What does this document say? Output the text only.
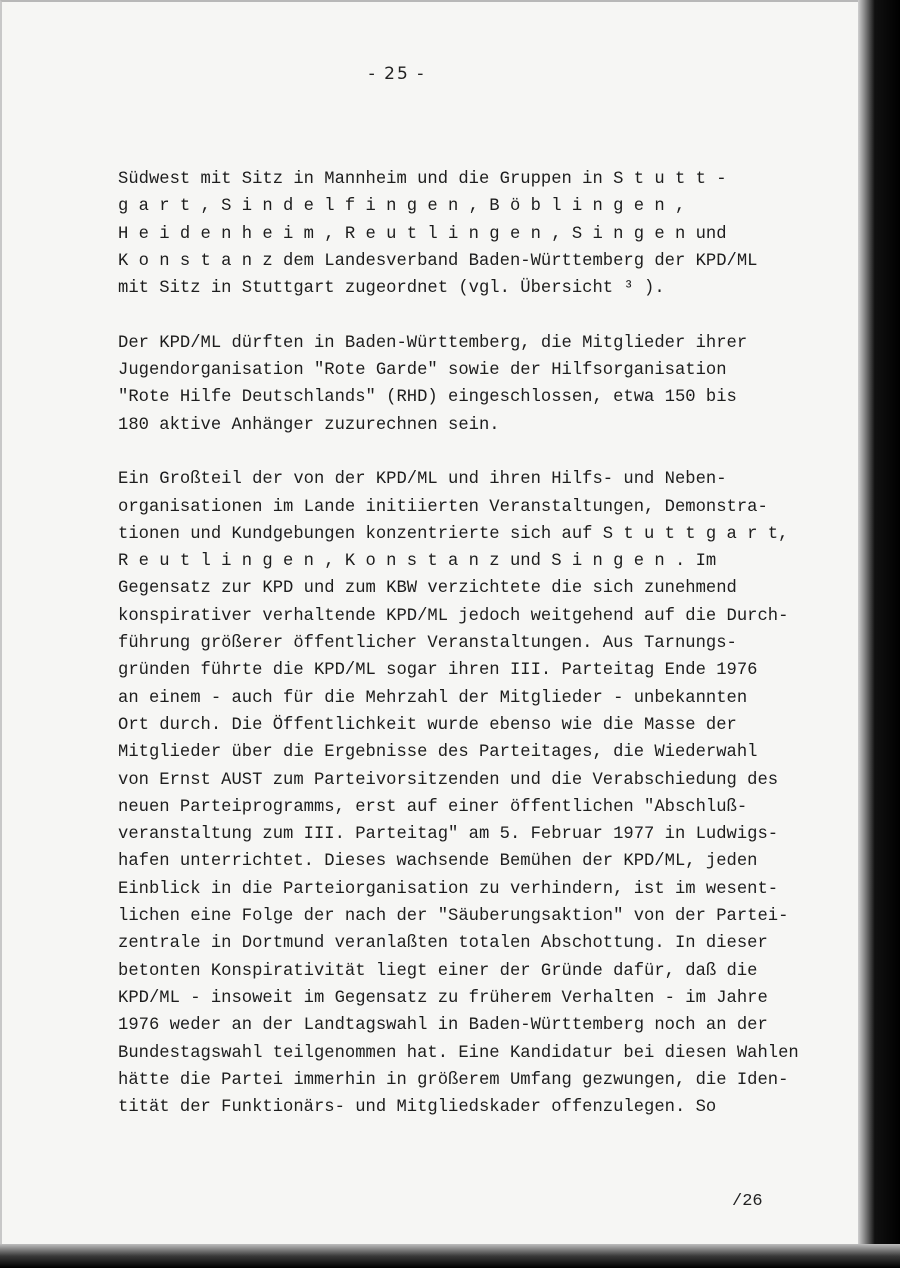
- 25 -
Südwest mit Sitz in Mannheim und die Gruppen in S t u t t -
g a r t , S i n d e l f i n g e n , B ö b l i n g e n ,
H e i d e n h e i m , R e u t l i n g e n , S i n g e n und
K o n s t a n z dem Landesverband Baden-Württemberg der KPD/ML
mit Sitz in Stuttgart zugeordnet (vgl. Übersicht ³ ).
Der KPD/ML dürften in Baden-Württemberg, die Mitglieder ihrer
Jugendorganisation "Rote Garde" sowie der Hilfsorganisation
"Rote Hilfe Deutschlands" (RHD) eingeschlossen, etwa 150 bis
180 aktive Anhänger zuzurechnen sein.
Ein Großteil der von der KPD/ML und ihren Hilfs- und Neben-
organisationen im Lande initiierten Veranstaltungen, Demonstra-
tionen und Kundgebungen konzentrierte sich auf S t u t t g a r t,
R e u t l i n g e n , K o n s t a n z und S i n g e n . Im
Gegensatz zur KPD und zum KBW verzichtete die sich zunehmend
konspirativer verhaltende KPD/ML jedoch weitgehend auf die Durch-
führung größerer öffentlicher Veranstaltungen. Aus Tarnungs-
gründen führte die KPD/ML sogar ihren III. Parteitag Ende 1976
an einem - auch für die Mehrzahl der Mitglieder - unbekannten
Ort durch. Die Öffentlichkeit wurde ebenso wie die Masse der
Mitglieder über die Ergebnisse des Parteitages, die Wiederwahl
von Ernst AUST zum Parteivorsitzenden und die Verabschiedung des
neuen Parteiprogramms, erst auf einer öffentlichen "Abschluß-
veranstaltung zum III. Parteitag" am 5. Februar 1977 in Ludwigs-
hafen unterrichtet. Dieses wachsende Bemühen der KPD/ML, jeden
Einblick in die Parteiorganisation zu verhindern, ist im wesent-
lichen eine Folge der nach der "Säuberungsaktion" von der Partei-
zentrale in Dortmund veranlaßten totalen Abschottung. In dieser
betonten Konspirativität liegt einer der Gründe dafür, daß die
KPD/ML - insoweit im Gegensatz zu früherem Verhalten - im Jahre
1976 weder an der Landtagswahl in Baden-Württemberg noch an der
Bundestagswahl teilgenommen hat. Eine Kandidatur bei diesen Wahlen
hätte die Partei immerhin in größerem Umfang gezwungen, die Iden-
tität der Funktionärs- und Mitgliedskader offenzulegen. So
/26
